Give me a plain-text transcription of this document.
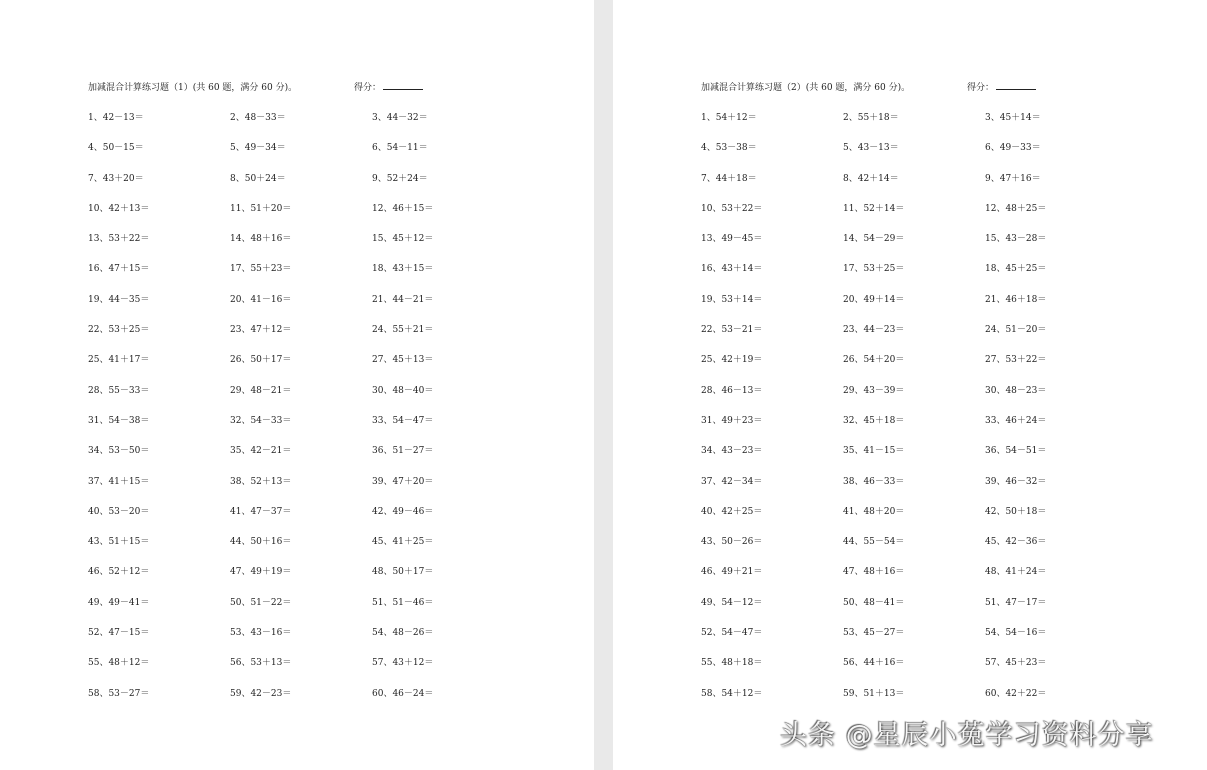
加减混合计算练习题（1）(共 60 题，满分 60 分)。	得分：
1、42－13＝	2、48－33＝	3、44－32＝
4、50－15＝	5、49－34＝	6、54－11＝
7、43＋20＝	8、50＋24＝	9、52＋24＝
10、42＋13＝	11、51＋20＝	12、46＋15＝
13、53＋22＝	14、48＋16＝	15、45＋12＝
16、47＋15＝	17、55＋23＝	18、43＋15＝
19、44－35＝	20、41－16＝	21、44－21＝
22、53＋25＝	23、47＋12＝	24、55＋21＝
25、41＋17＝	26、50＋17＝	27、45＋13＝
28、55－33＝	29、48－21＝	30、48－40＝
31、54－38＝	32、54－33＝	33、54－47＝
34、53－50＝	35、42－21＝	36、51－27＝
37、41＋15＝	38、52＋13＝	39、47＋20＝
40、53－20＝	41、47－37＝	42、49－46＝
43、51＋15＝	44、50＋16＝	45、41＋25＝
46、52＋12＝	47、49＋19＝	48、50＋17＝
49、49－41＝	50、51－22＝	51、51－46＝
52、47－15＝	53、43－16＝	54、48－26＝
55、48＋12＝	56、53＋13＝	57、43＋12＝
58、53－27＝	59、42－23＝	60、46－24＝
加减混合计算练习题（2）(共 60 题，满分 60 分)。	得分：
1、54＋12＝	2、55＋18＝	3、45＋14＝
4、53－38＝	5、43－13＝	6、49－33＝
7、44＋18＝	8、42＋14＝	9、47＋16＝
10、53＋22＝	11、52＋14＝	12、48＋25＝
13、49－45＝	14、54－29＝	15、43－28＝
16、43＋14＝	17、53＋25＝	18、45＋25＝
19、53＋14＝	20、49＋14＝	21、46＋18＝
22、53－21＝	23、44－23＝	24、51－20＝
25、42＋19＝	26、54＋20＝	27、53＋22＝
28、46－13＝	29、43－39＝	30、48－23＝
31、49＋23＝	32、45＋18＝	33、46＋24＝
34、43－23＝	35、41－15＝	36、54－51＝
37、42－34＝	38、46－33＝	39、46－32＝
40、42＋25＝	41、48＋20＝	42、50＋18＝
43、50－26＝	44、55－54＝	45、42－36＝
46、49＋21＝	47、48＋16＝	48、41＋24＝
49、54－12＝	50、48－41＝	51、47－17＝
52、54－47＝	53、45－27＝	54、54－16＝
55、48＋18＝	56、44＋16＝	57、45＋23＝
58、54＋12＝	59、51＋13＝	60、42＋22＝
头条 @星辰小菟学习资料分享
